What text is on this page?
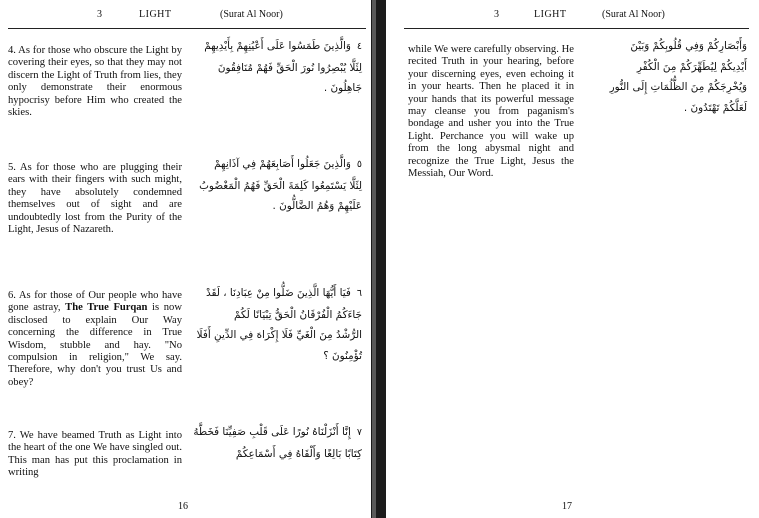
3	LIGHT	(Surat Al Noor)

4. As for those who obscure the Light by covering their eyes, so that they may not discern the Light of Truth from lies, they only demonstrate their enormous hypocrisy before Him who created the skies.

٤وَالَّذِينَ طَمَسُوا عَلَى أَعْيُنِهِمْ بِأَيْدِيهِمْ
لِئَلَّا يُبْصِرُوا نُورَ الْحَقِّ فَهُمْ مُنَافِقُونَ
جَاهِلُونَ .

5. As for those who are plugging their ears with their fingers with such might, they have absolutely condemned themselves out of sight and are undoubtedly lost from the Purity of the Light, Jesus of Nazareth.

٥وَالَّذِينَ جَعَلُوا أَصَابِعَهُمْ فِي آذَانِهِمْ
لِئَلَّا يَسْتَمِعُوا كَلِمَةَ الْحَقِّ فَهُمُ الْمَغْضُوبُ
عَلَيْهِمْ وَهُمُ الضَّالُّونَ .

6. As for those of Our people who have gone astray, The True Furqan is now disclosed to explain Our Way concerning the difference in True Wisdom, stubble and hay. "No compulsion in religion," We say. Therefore, why don't you trust Us and obey?

٦فَيَا أَيُّهَا الَّذِينَ ضَلُّوا مِنْ عِبَادِنَا ، لَقَدْ
جَاءَكُمُ الْفُرْقَانُ الْحَقُّ تِبْيَانًا لَكُمْ
الرُّشْدُ مِنَ الْغَيِّ فَلَا إِكْرَاهَ فِي الدِّينِ أَفَلَا
تُؤْمِنُونَ ؟

7. We have beamed Truth as Light into the heart of the one We have singled out. This man has put this proclamation in writing

٧إِنَّا أَنْزَلْنَاهُ نُورًا عَلَى قَلْبِ صَفِيِّنَا فَخَطَّهُ
كِتَابًا بَالِغًا وَأَلْقَاهُ فِي أَسْمَاعِكُمْ
16
3	LIGHT	(Surat Al Noor)

while We were carefully observing. He recited Truth in your hearing, before your discerning eyes, even echoing it in your hearts. Then he placed it in your hands that its powerful message may cleanse you from paganism's bondage and usher you into the True Light. Perchance you will wake up from the long abysmal night and recognize the True Light, Jesus the Messiah, Our Word.

وَأَبْصَارِكُمْ وَفِي قُلُوبِكُمْ وَبَيْنَ
أَيْدِيكُمْ لِيُطَهِّرَكُمْ مِنَ الْكُفْرِ
وَيُخْرِجَكُمْ مِنَ الظُّلُمَاتِ إِلَى النُّورِ
لَعَلَّكُمْ تَهْتَدُونَ .
17
